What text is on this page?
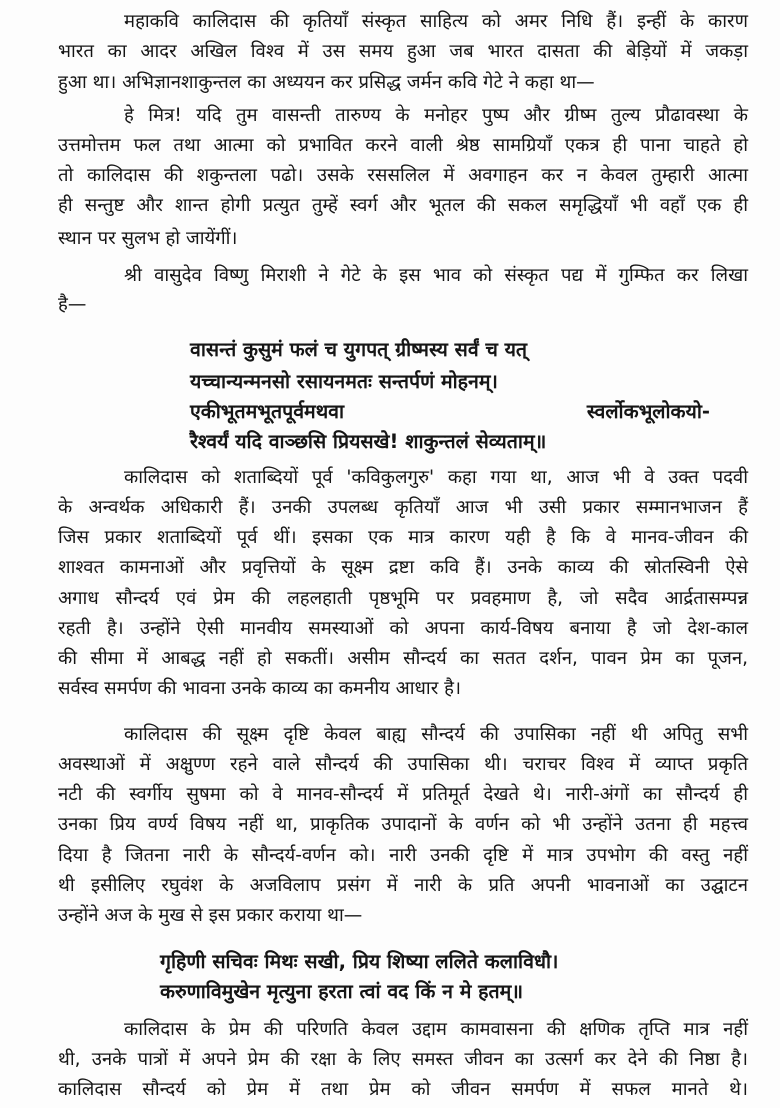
महाकवि कालिदास की कृतियाँ संस्कृत साहित्य को अमर निधि हैं। इन्हीं के कारण
भारत का आदर अखिल विश्व में उस समय हुआ जब भारत दासता की बेड़ियों में जकड़ा
हुआ था। अभिज्ञानशाकुन्तल का अध्ययन कर प्रसिद्ध जर्मन कवि गेटे ने कहा था—
हे मित्र! यदि तुम वासन्ती तारुण्य के मनोहर पुष्प और ग्रीष्म तुल्य प्रौढावस्था के
उत्तमोत्तम फल तथा आत्मा को प्रभावित करने वाली श्रेष्ठ सामग्रियाँ एकत्र ही पाना चाहते हो
तो कालिदास की शकुन्तला पढो। उसके रससलिल में अवगाहन कर न केवल तुम्हारी आत्मा
ही सन्तुष्ट और शान्त होगी प्रत्युत तुम्हें स्वर्ग और भूतल की सकल समृद्धियाँ भी वहाँ एक ही
स्थान पर सुलभ हो जायेंगीं।
श्री वासुदेव विष्णु मिराशी ने गेटे के इस भाव को संस्कृत पद्य में गुम्फित कर लिखा
है—
वासन्तं कुसुमं फलं च युगपत् ग्रीष्मस्य सर्वं च यत्
यच्चान्यन्मनसो रसायनमतः सन्तर्पणं मोहनम्।
एकीभूतमभूतपूर्वमथवा स्वर्लोकभूलोकयो-
रैश्वर्यं यदि वाञ्छसि प्रियसखे! शाकुन्तलं सेव्यताम्॥
कालिदास को शताब्दियों पूर्व 'कविकुलगुरु' कहा गया था, आज भी वे उक्त पदवी
के अन्वर्थक अधिकारी हैं। उनकी उपलब्ध कृतियाँ आज भी उसी प्रकार सम्मानभाजन हैं
जिस प्रकार शताब्दियों पूर्व थीं। इसका एक मात्र कारण यही है कि वे मानव-जीवन की
शाश्वत कामनाओं और प्रवृत्तियों के सूक्ष्म द्रष्टा कवि हैं। उनके काव्य की स्रोतस्विनी ऐसे
अगाध सौन्दर्य एवं प्रेम की लहलहाती पृष्ठभूमि पर प्रवहमाण है, जो सदैव आर्द्रतासम्पन्न
रहती है। उन्होंने ऐसी मानवीय समस्याओं को अपना कार्य-विषय बनाया है जो देश-काल
की सीमा में आबद्ध नहीं हो सकतीं। असीम सौन्दर्य का सतत दर्शन, पावन प्रेम का पूजन,
सर्वस्व समर्पण की भावना उनके काव्य का कमनीय आधार है।
कालिदास की सूक्ष्म दृष्टि केवल बाह्य सौन्दर्य की उपासिका नहीं थी अपितु सभी
अवस्थाओं में अक्षुण्ण रहने वाले सौन्दर्य की उपासिका थी। चराचर विश्व में व्याप्त प्रकृति
नटी की स्वर्गीय सुषमा को वे मानव-सौन्दर्य में प्रतिमूर्त देखते थे। नारी-अंगों का सौन्दर्य ही
उनका प्रिय वर्ण्य विषय नहीं था, प्राकृतिक उपादानों के वर्णन को भी उन्होंने उतना ही महत्त्व
दिया है जितना नारी के सौन्दर्य-वर्णन को। नारी उनकी दृष्टि में मात्र उपभोग की वस्तु नहीं
थी इसीलिए रघुवंश के अजविलाप प्रसंग में नारी के प्रति अपनी भावनाओं का उद्घाटन
उन्होंने अज के मुख से इस प्रकार कराया था—
गृहिणी सचिवः मिथः सखी, प्रिय शिष्या ललिते कलाविधौ।
करुणाविमुखेन मृत्युना हरता त्वां वद किं न मे हतम्॥
कालिदास के प्रेम की परिणति केवल उद्दाम कामवासना की क्षणिक तृप्ति मात्र नहीं
थी, उनके पात्रों में अपने प्रेम की रक्षा के लिए समस्त जीवन का उत्सर्ग कर देने की निष्ठा है।
कालिदास सौन्दर्य को प्रेम में तथा प्रेम को जीवन समर्पण में सफल मानते थे।
